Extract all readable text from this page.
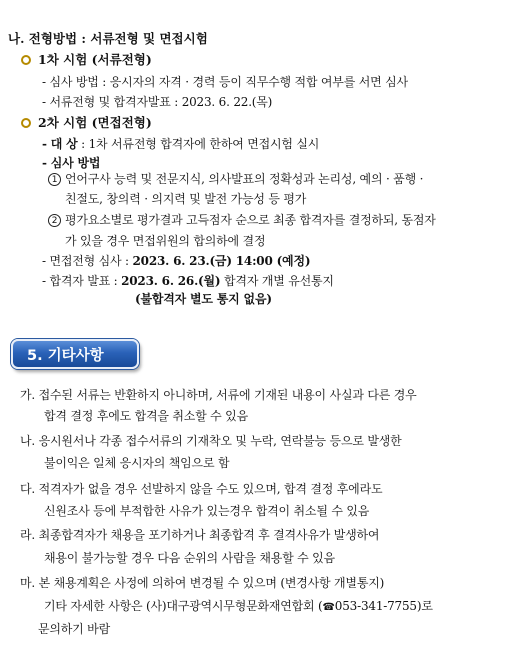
나. 전형방법 : 서류전형 및 면접시험
1차 시험 (서류전형)
- 심사 방법 : 응시자의 자격 · 경력 등이 직무수행 적합 여부를 서면 심사
- 서류전형 및 합격자발표 : 2023. 6. 22.(목)
2차 시험 (면접전형)
- 대 상 : 1차 서류전형 합격자에 한하여 면접시험 실시
- 심사 방법
1 언어구사 능력 및 전문지식, 의사발표의 정확성과 논리성, 예의 · 품행 ·
친절도, 창의력 · 의지력 및 발전 가능성 등 평가
2 평가요소별로 평가결과 고득점자 순으로 최종 합격자를 결정하되, 동점자
가 있을 경우 면접위원의 합의하에 결정
- 면접전형 심사 : 2023. 6. 23.(금) 14:00 (예정)
- 합격자 발표 : 2023. 6. 26.(월) 합격자 개별 유선통지
(불합격자 별도 통지 없음)
5. 기타사항
가. 접수된 서류는 반환하지 아니하며, 서류에 기재된 내용이 사실과 다른 경우
합격 결정 후에도 합격을 취소할 수 있음
나. 응시원서나 각종 접수서류의 기재착오 및 누락, 연락불능 등으로 발생한
불이익은 일체 응시자의 책임으로 함
다. 적격자가 없을 경우 선발하지 않을 수도 있으며, 합격 결정 후에라도
신원조사 등에 부적합한 사유가 있는경우 합격이 취소될 수 있음
라. 최종합격자가 채용을 포기하거나 최종합격 후 결격사유가 발생하여
채용이 불가능할 경우 다음 순위의 사람을 채용할 수 있음
마. 본 채용계획은 사정에 의하여 변경될 수 있으며 (변경사항 개별통지)
기타 자세한 사항은 (사)대구광역시무형문화재연합회 (☎053-341-7755)로
문의하기 바람
